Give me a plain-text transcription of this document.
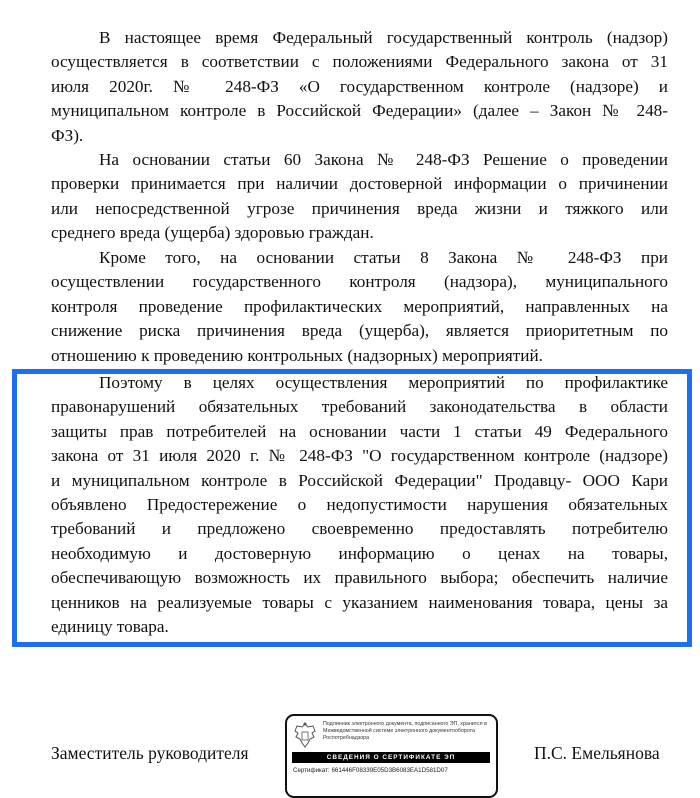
В настоящее время Федеральный государственный контроль (надзор)
осуществляется в соответствии с положениями Федерального закона от 31
июля 2020г. № 248-ФЗ «О государственном контроле (надзоре) и
муниципальном контроле в Российской Федерации» (далее – Закон № 248-
ФЗ).
На основании статьи 60 Закона № 248-ФЗ Решение о проведении
проверки принимается при наличии достоверной информации о причинении
или непосредственной угрозе причинения вреда жизни и тяжкого или
среднего вреда (ущерба) здоровью граждан.
Кроме того, на основании статьи 8 Закона № 248-ФЗ при
осуществлении государственного контроля (надзора), муниципального
контроля проведение профилактических мероприятий, направленных на
снижение риска причинения вреда (ущерба), является приоритетным по
отношению к проведению контрольных (надзорных) мероприятий.
Поэтому в целях осуществления мероприятий по профилактике
правонарушений обязательных требований законодательства в области
защиты прав потребителей на основании части 1 статьи 49 Федерального
закона от 31 июля 2020 г. № 248-ФЗ "О государственном контроле (надзоре)
и муниципальном контроле в Российской Федерации" Продавцу- ООО Кари
объявлено Предостережение о недопустимости нарушения обязательных
требований и предложено своевременно предоставлять потребителю
необходимую и достоверную информацию о ценах на товары,
обеспечивающую возможность их правильного выбора; обеспечить наличие
ценников на реализуемые товары с указанием наименования товара, цены за
единицу товара.
Заместитель руководителя
Подлинник электронного документа, подписанного ЭП, хранится в Межведомственной системе электронного документооборота Роспотребнадзора
СВЕДЕНИЯ О СЕРТИФИКАТЕ ЭП
Сертификат: 661446F08339E05D3B6083EA1D581D07
П.С. Емельянова
